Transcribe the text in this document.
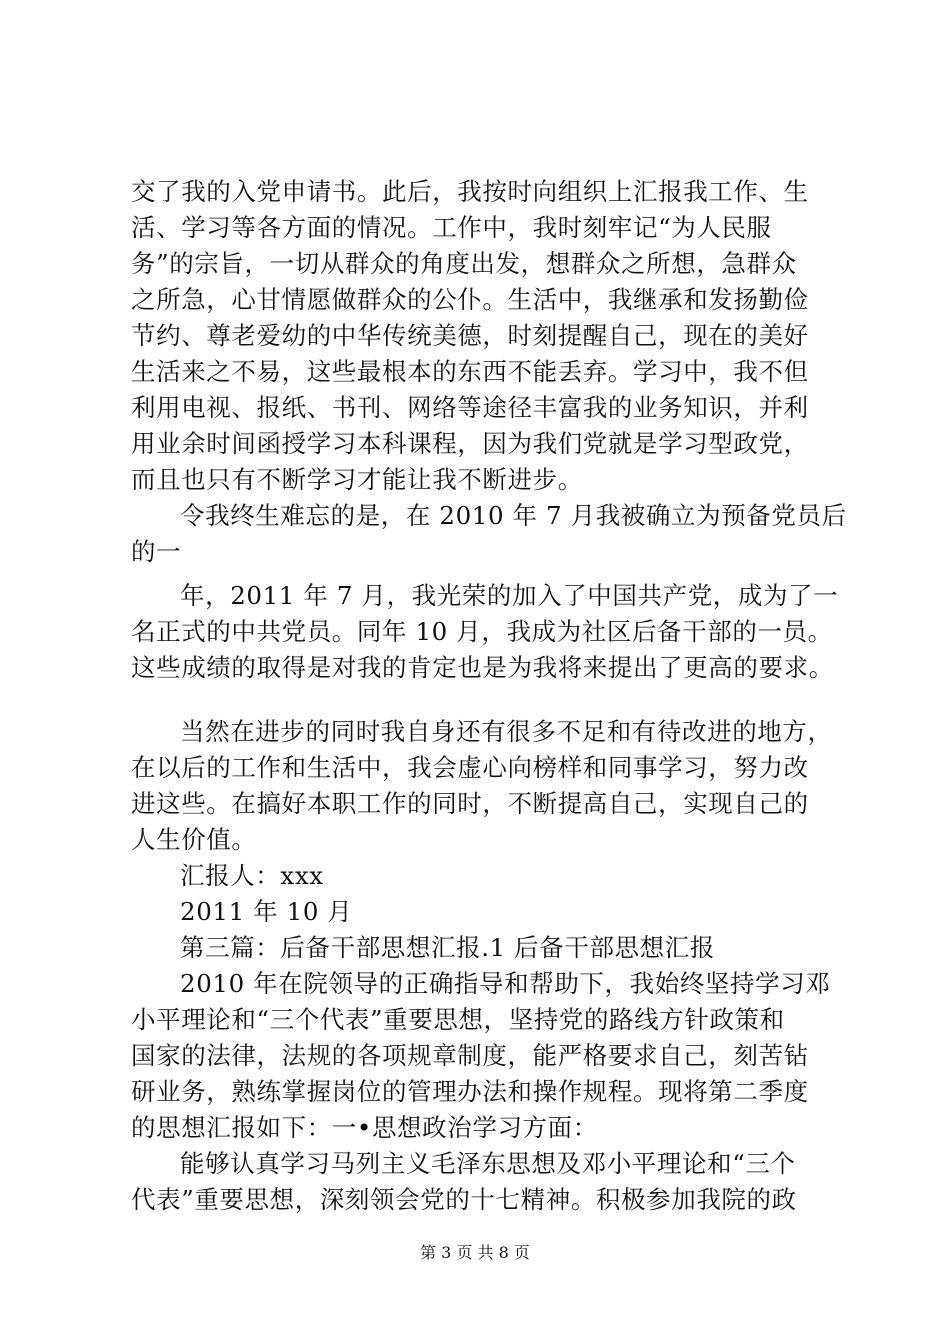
交了我的入党申请书。此后，我按时向组织上汇报我工作、生
活、学习等各方面的情况。工作中，我时刻牢记“为人民服
务”的宗旨，一切从群众的角度出发，想群众之所想，急群众
之所急，心甘情愿做群众的公仆。生活中，我继承和发扬勤俭
节约、尊老爱幼的中华传统美德，时刻提醒自己，现在的美好
生活来之不易，这些最根本的东西不能丢弃。学习中，我不但
利用电视、报纸、书刊、网络等途径丰富我的业务知识，并利
用业余时间函授学习本科课程，因为我们党就是学习型政党，
而且也只有不断学习才能让我不断进步。
令我终生难忘的是，在 2010 年 7 月我被确立为预备党员后
的一
年，2011 年 7 月，我光荣的加入了中国共产党，成为了一
名正式的中共党员。同年 10 月，我成为社区后备干部的一员。
这些成绩的取得是对我的肯定也是为我将来提出了更高的要求。
当然在进步的同时我自身还有很多不足和有待改进的地方，
在以后的工作和生活中，我会虚心向榜样和同事学习，努力改
进这些。在搞好本职工作的同时，不断提高自己，实现自己的
人生价值。
汇报人：xxx
2011 年 10 月
第三篇：后备干部思想汇报.1 后备干部思想汇报
2010 年在院领导的正确指导和帮助下，我始终坚持学习邓
小平理论和“三个代表”重要思想，坚持党的路线方针政策和
国家的法律，法规的各项规章制度，能严格要求自己，刻苦钻
研业务，熟练掌握岗位的管理办法和操作规程。现将第二季度
的思想汇报如下：一•思想政治学习方面：
能够认真学习马列主义毛泽东思想及邓小平理论和“三个
代表”重要思想，深刻领会党的十七精神。积极参加我院的政
第 3 页 共 8 页
